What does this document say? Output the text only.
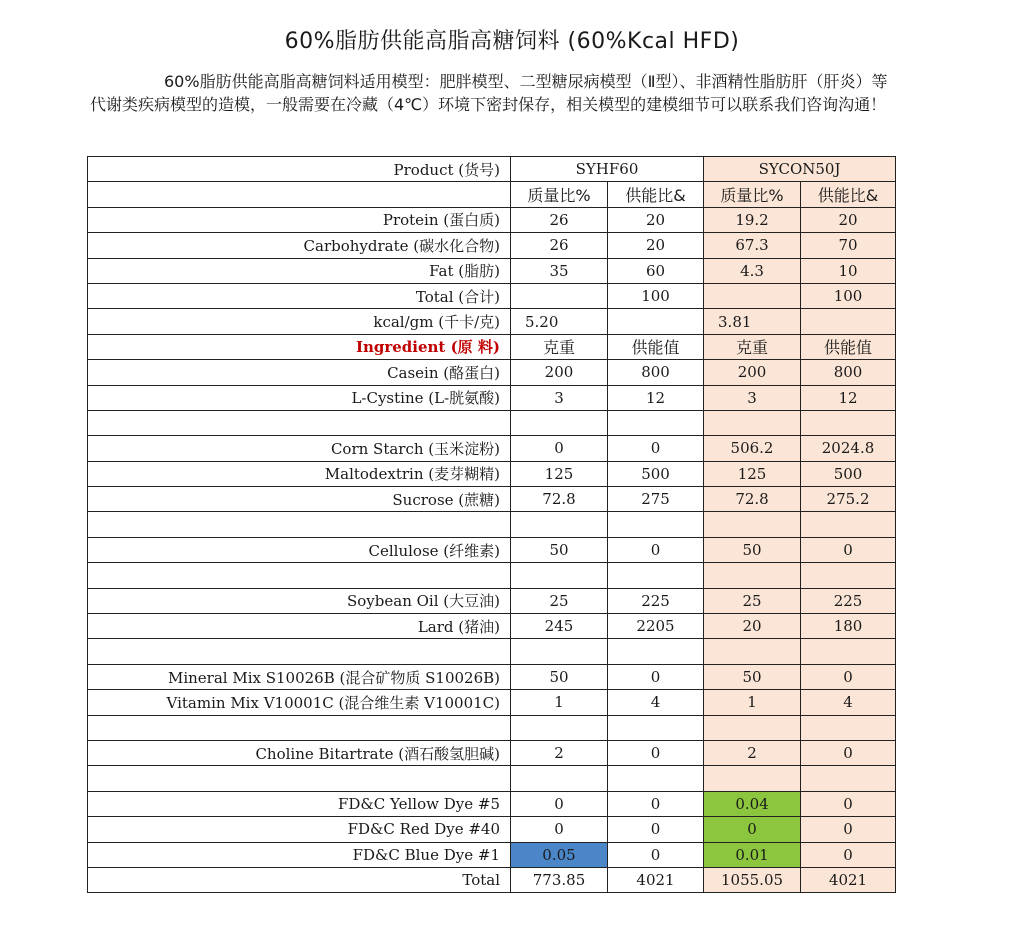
60%脂肪供能高脂高糖饲料 (60%Kcal HFD)
60%脂肪供能高脂高糖饲料适用模型：肥胖模型、二型糖尿病模型（Ⅱ型）、非酒精性脂肪肝（肝炎）等代谢类疾病模型的造模，一般需要在冷藏（4℃）环境下密封保存，相关模型的建模细节可以联系我们咨询沟通！
Product (货号)	SYHF60		SYCON50J	
	质量比%	供能比&	质量比%	供能比&
Protein (蛋白质)	26	20	19.2	20
Carbohydrate (碳水化合物)	26	20	67.3	70
Fat (脂肪)	35	60	4.3	10
Total (合计)		100		100
kcal/gm (千卡/克)	5.20		3.81	
Ingredient (原 料)	克重	供能值	克重	供能值
Casein (酪蛋白)	200	800	200	800
L-Cystine (L-胱氨酸)	3	12	3	12

Corn Starch (玉米淀粉)	0	0	506.2	2024.8
Maltodextrin (麦芽糊精)	125	500	125	500
Sucrose (蔗糖)	72.8	275	72.8	275.2

Cellulose (纤维素)	50	0	50	0

Soybean Oil (大豆油)	25	225	25	225
Lard (猪油)	245	2205	20	180

Mineral Mix S10026B (混合矿物质 S10026B)	50	0	50	0
Vitamin Mix V10001C (混合维生素 V10001C)	1	4	1	4

Choline Bitartrate (酒石酸氢胆碱)	2	0	2	0

FD&C Yellow Dye #5	0	0	0.04	0
FD&C Red Dye #40	0	0	0	0
FD&C Blue Dye #1	0.05	0	0.01	0
Total	773.85	4021	1055.05	4021
